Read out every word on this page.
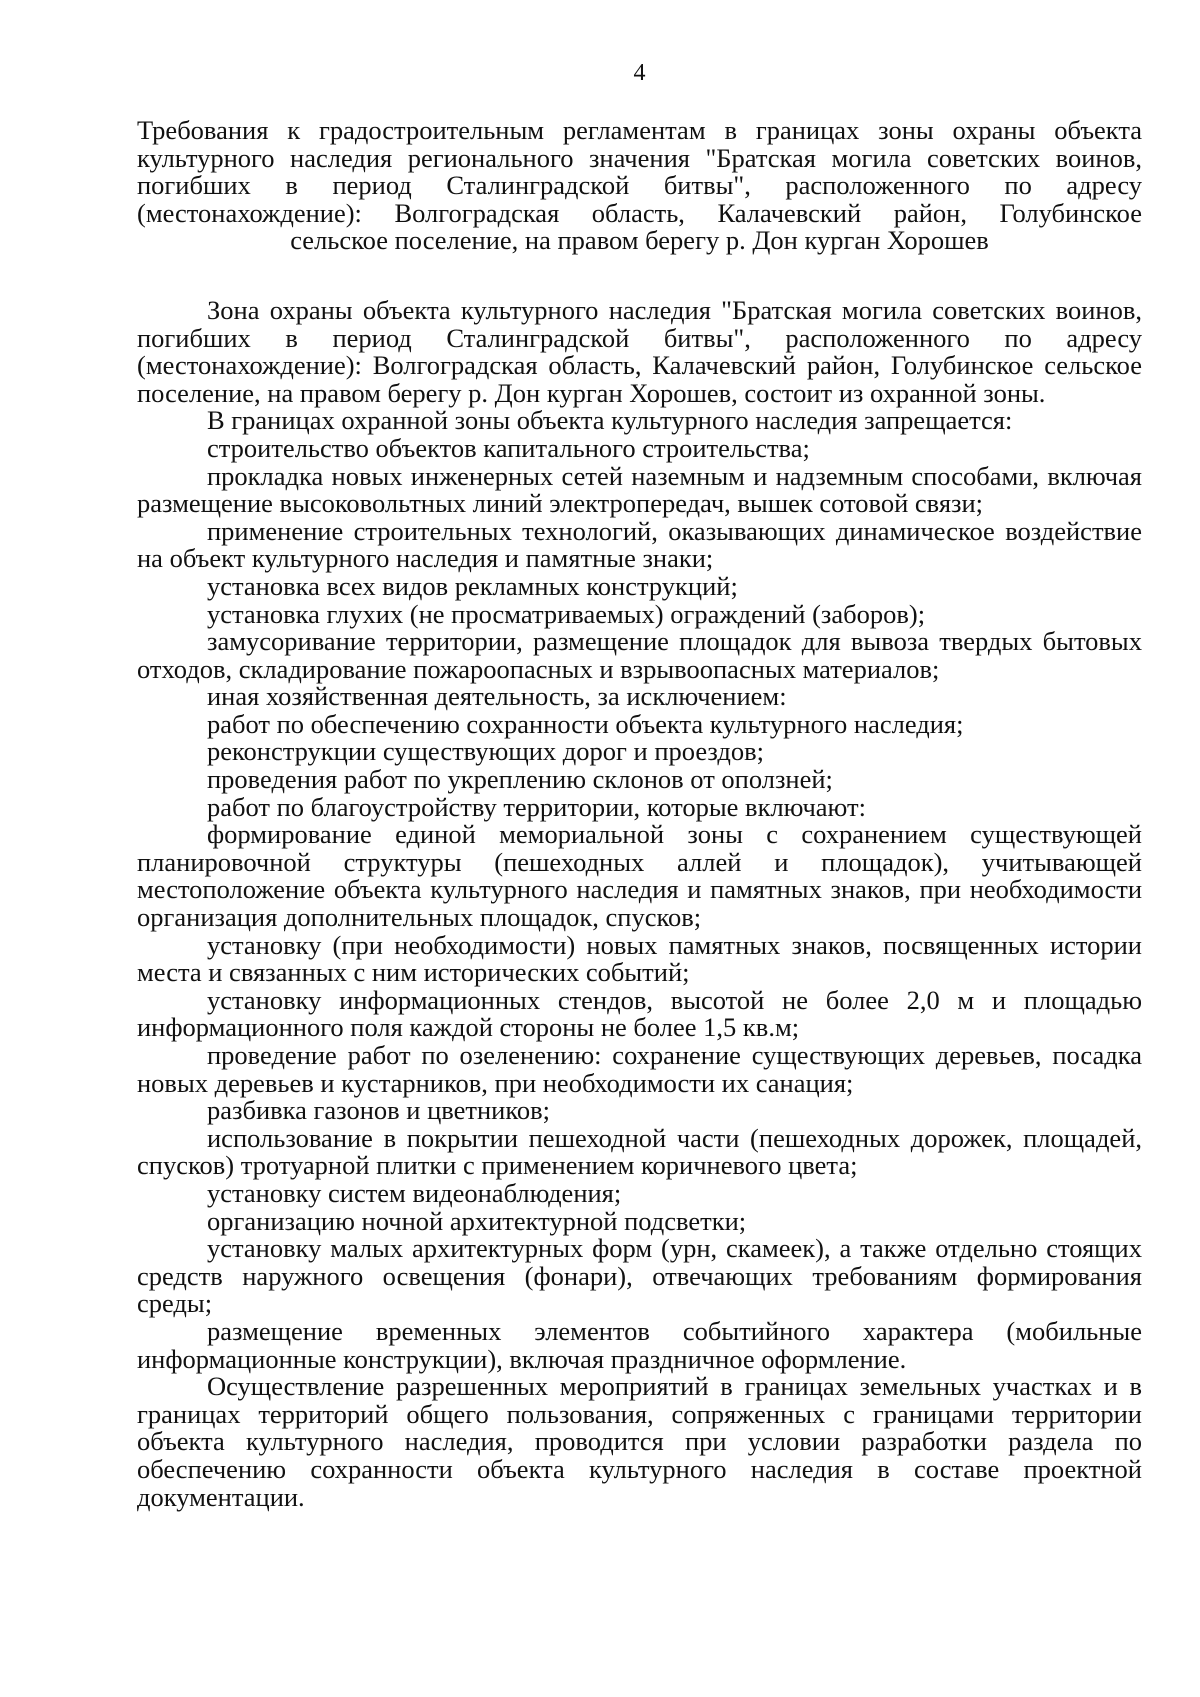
4
Требования к градостроительным регламентам в границах зоны охраны объекта культурного наследия регионального значения "Братская могила советских воинов, погибших в период Сталинградской битвы", расположенного по адресу (местонахождение): Волгоградская область, Калачевский район, Голубинское
сельское поселение, на правом берегу р. Дон курган Хорошев

Зона охраны объекта культурного наследия "Братская могила советских воинов, погибших в период Сталинградской битвы", расположенного по адресу (местонахождение): Волгоградская область, Калачевский район, Голубинское сельское поселение, на правом берегу р. Дон курган Хорошев, состоит из охранной зоны.

В границах охранной зоны объекта культурного наследия запрещается:

строительство объектов капитального строительства;

прокладка новых инженерных сетей наземным и надземным способами, включая размещение высоковольтных линий электропередач, вышек сотовой связи;

применение строительных технологий, оказывающих динамическое воздействие на объект культурного наследия и памятные знаки;

установка всех видов рекламных конструкций;

установка глухих (не просматриваемых) ограждений (заборов);

замусоривание территории, размещение площадок для вывоза твердых бытовых отходов, складирование пожароопасных и взрывоопасных материалов;

иная хозяйственная деятельность, за исключением:

работ по обеспечению сохранности объекта культурного наследия;

реконструкции существующих дорог и проездов;

проведения работ по укреплению склонов от оползней;

работ по благоустройству территории, которые включают:

формирование единой мемориальной зоны с сохранением существующей планировочной структуры (пешеходных аллей и площадок), учитывающей местоположение объекта культурного наследия и памятных знаков, при необходимости организация дополнительных площадок, спусков;

установку (при необходимости) новых памятных знаков, посвященных истории места и связанных с ним исторических событий;

установку информационных стендов, высотой не более 2,0 м и площадью информационного поля каждой стороны не более 1,5 кв.м;

проведение работ по озеленению: сохранение существующих деревьев, посадка новых деревьев и кустарников, при необходимости их санация;

разбивка газонов и цветников;

использование в покрытии пешеходной части (пешеходных дорожек, площадей, спусков) тротуарной плитки с применением коричневого цвета;

установку систем видеонаблюдения;

организацию ночной архитектурной подсветки;

установку малых архитектурных форм (урн, скамеек), а также отдельно стоящих средств наружного освещения (фонари), отвечающих требованиям формирования среды;

размещение временных элементов событийного характера (мобильные информационные конструкции), включая праздничное оформление.

Осуществление разрешенных мероприятий в границах земельных участках и в границах территорий общего пользования, сопряженных с границами территории объекта культурного наследия, проводится при условии разработки раздела по обеспечению сохранности объекта культурного наследия в составе проектной документации.
